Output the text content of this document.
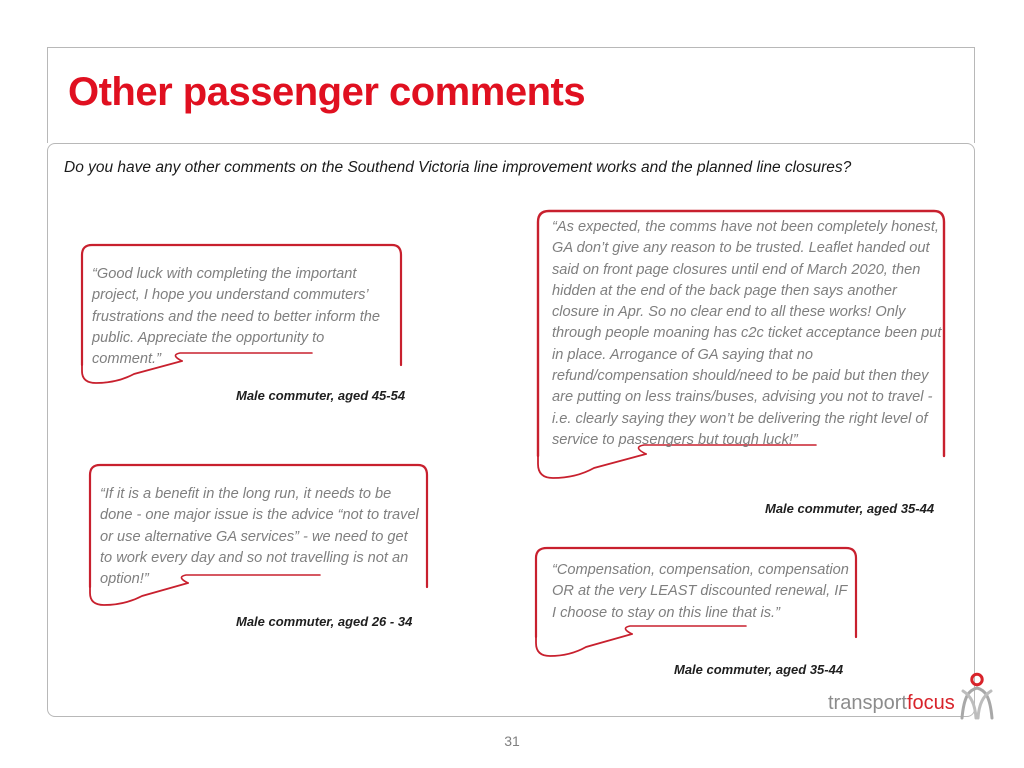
Other passenger comments
Do you have any other comments on the Southend Victoria line improvement works and the planned line closures?
“Good luck with completing the important project, I hope you understand commuters’ frustrations and the need to better inform the public. Appreciate the opportunity to comment.”
Male commuter, aged 45-54
“If it is a benefit in the long run, it needs to be done - one major issue is the advice “not to travel or use alternative GA services” - we need to get to work every day and so not travelling is not an option!”
Male commuter, aged 26 - 34
“As expected, the comms have not been completely honest, GA don’t give any reason to be trusted. Leaflet handed out said on front page closures until end of March 2020, then hidden at the end of the back page then says another closure in Apr. So no clear end to all these works! Only through people moaning has c2c ticket acceptance been put in place. Arrogance of GA saying that no refund/compensation should/need to be paid but then they are putting on less trains/buses, advising you not to travel - i.e. clearly saying they won’t be delivering the right level of service to passengers but tough luck!”
Male commuter, aged 35-44
“Compensation, compensation, compensation OR at the very LEAST discounted renewal, IF I choose to stay on this line that is.”
Male commuter, aged 35-44
transport focus
31
